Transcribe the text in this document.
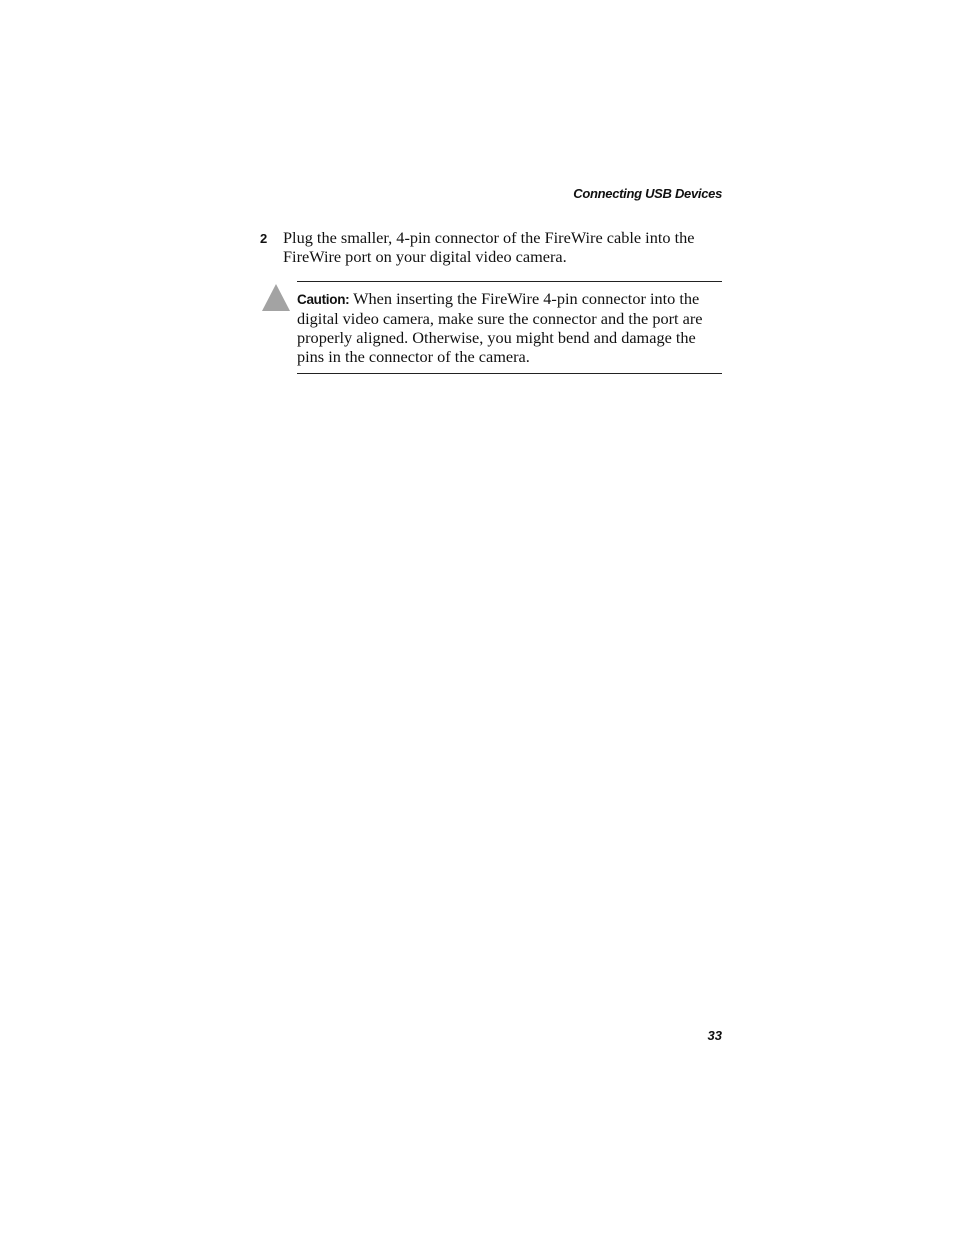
Connecting USB Devices
2 Plug the smaller, 4-pin connector of the FireWire cable into the FireWire port on your digital video camera.
Caution: When inserting the FireWire 4-pin connector into the digital video camera, make sure the connector and the port are properly aligned. Otherwise, you might bend and damage the pins in the connector of the camera.
33
